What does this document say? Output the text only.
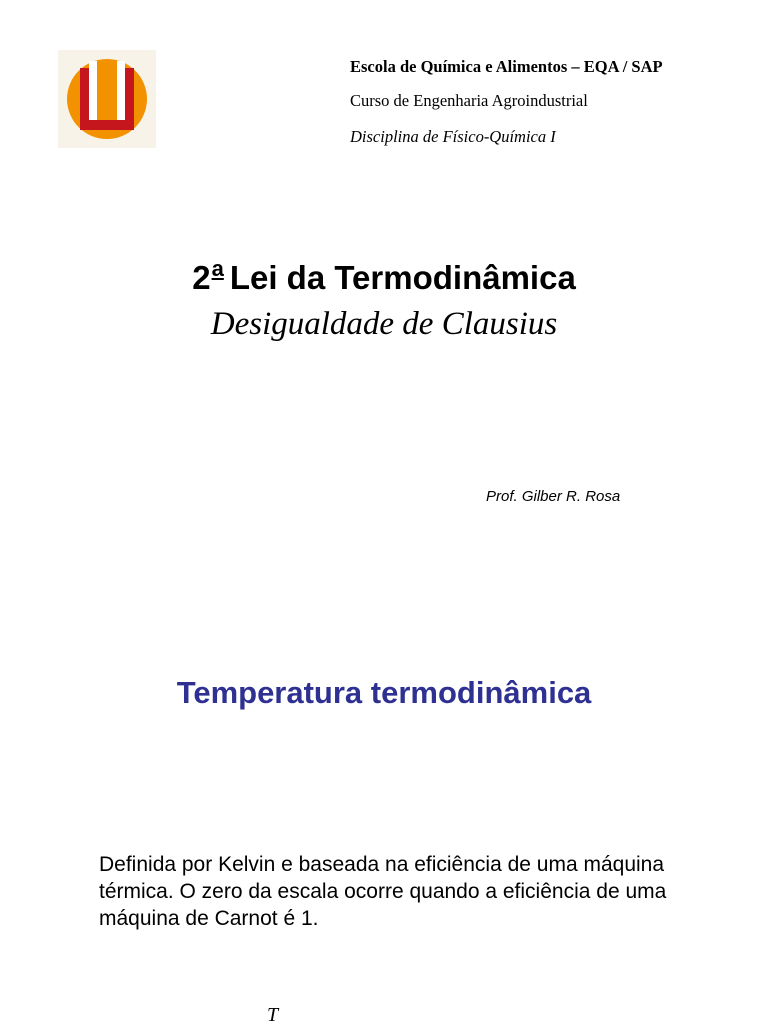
Escola de Química e Alimentos – EQA / SAP
Curso de Engenharia Agroindustrial
Disciplina de Físico-Química I
2$^a$ Lei da Termodinâmica
Desigualdade de Clausius
Prof. Gilber R. Rosa
Temperatura termodinâmica
Definida por Kelvin e baseada na eficiência de uma máquina térmica. O zero da escala ocorre quando a eficiência de uma máquina de Carnot é 1.
T
